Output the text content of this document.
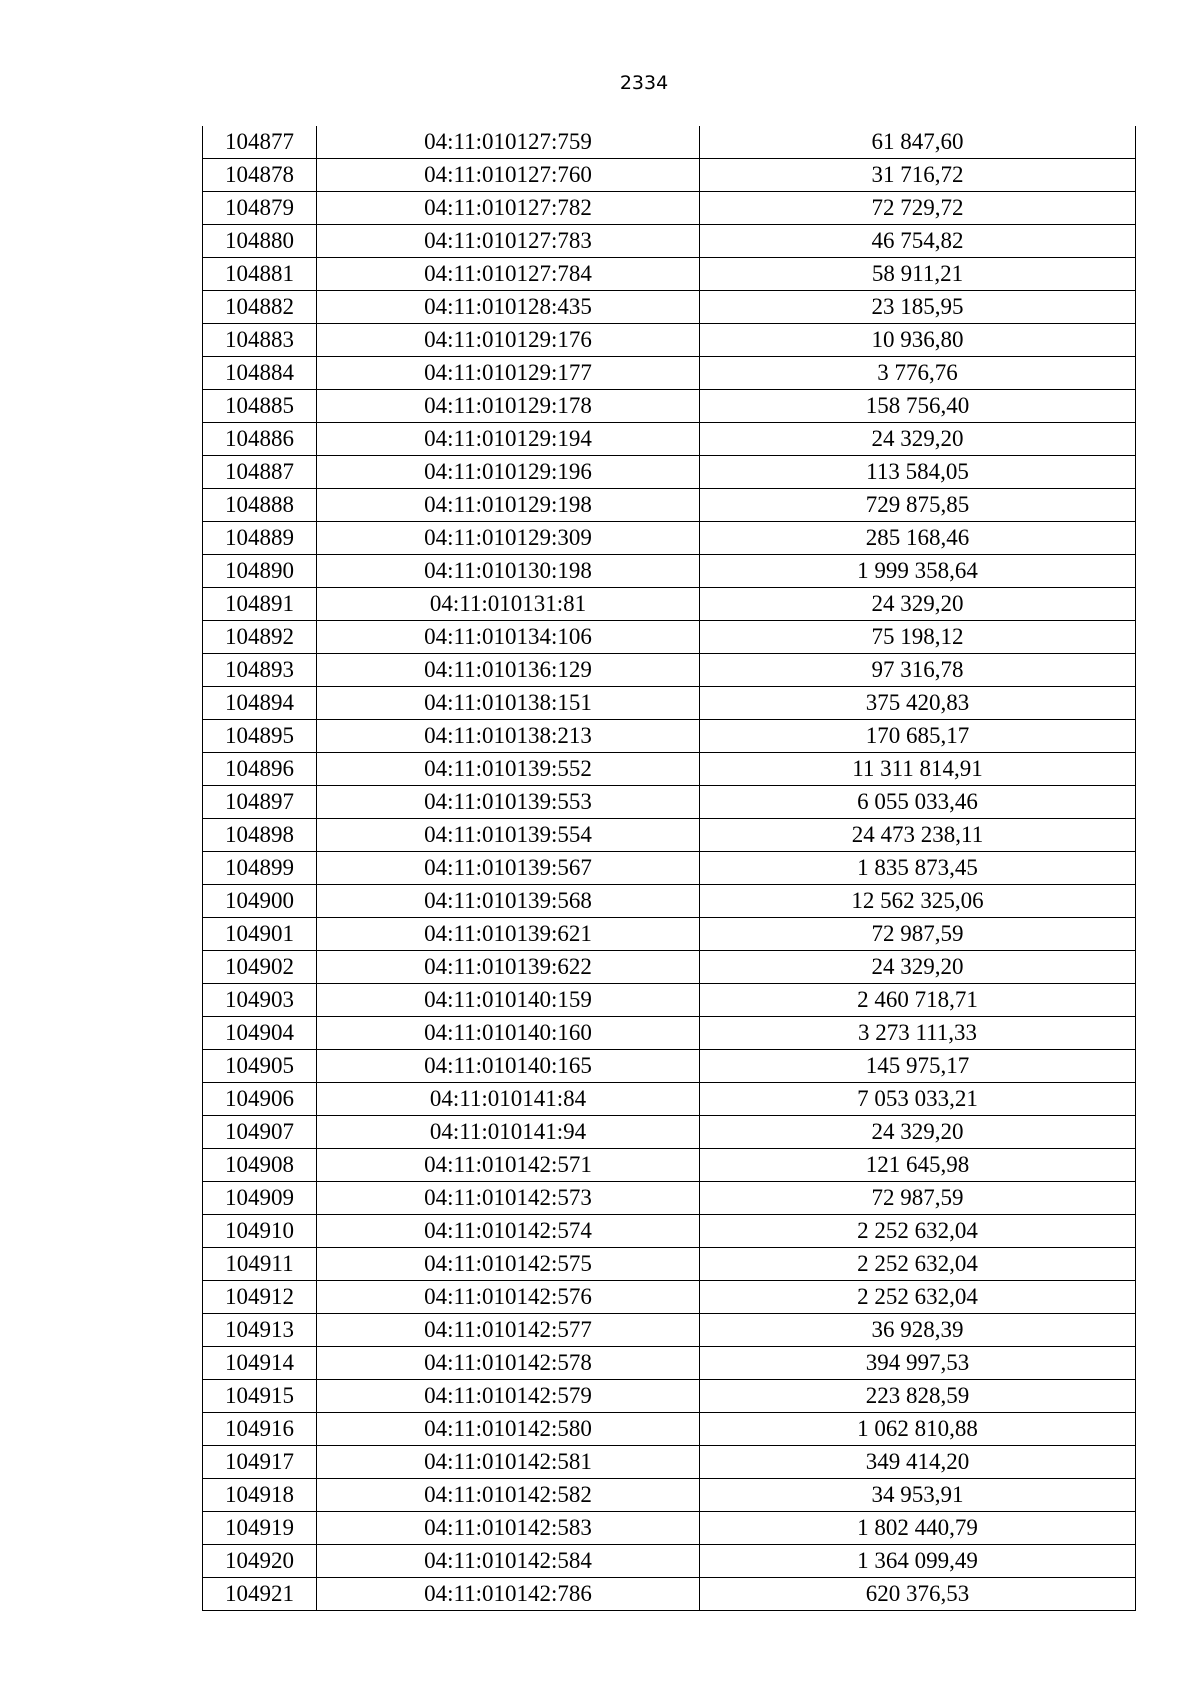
2334
104877	04:11:010127:759	61 847,60
104878	04:11:010127:760	31 716,72
104879	04:11:010127:782	72 729,72
104880	04:11:010127:783	46 754,82
104881	04:11:010127:784	58 911,21
104882	04:11:010128:435	23 185,95
104883	04:11:010129:176	10 936,80
104884	04:11:010129:177	3 776,76
104885	04:11:010129:178	158 756,40
104886	04:11:010129:194	24 329,20
104887	04:11:010129:196	113 584,05
104888	04:11:010129:198	729 875,85
104889	04:11:010129:309	285 168,46
104890	04:11:010130:198	1 999 358,64
104891	04:11:010131:81	24 329,20
104892	04:11:010134:106	75 198,12
104893	04:11:010136:129	97 316,78
104894	04:11:010138:151	375 420,83
104895	04:11:010138:213	170 685,17
104896	04:11:010139:552	11 311 814,91
104897	04:11:010139:553	6 055 033,46
104898	04:11:010139:554	24 473 238,11
104899	04:11:010139:567	1 835 873,45
104900	04:11:010139:568	12 562 325,06
104901	04:11:010139:621	72 987,59
104902	04:11:010139:622	24 329,20
104903	04:11:010140:159	2 460 718,71
104904	04:11:010140:160	3 273 111,33
104905	04:11:010140:165	145 975,17
104906	04:11:010141:84	7 053 033,21
104907	04:11:010141:94	24 329,20
104908	04:11:010142:571	121 645,98
104909	04:11:010142:573	72 987,59
104910	04:11:010142:574	2 252 632,04
104911	04:11:010142:575	2 252 632,04
104912	04:11:010142:576	2 252 632,04
104913	04:11:010142:577	36 928,39
104914	04:11:010142:578	394 997,53
104915	04:11:010142:579	223 828,59
104916	04:11:010142:580	1 062 810,88
104917	04:11:010142:581	349 414,20
104918	04:11:010142:582	34 953,91
104919	04:11:010142:583	1 802 440,79
104920	04:11:010142:584	1 364 099,49
104921	04:11:010142:786	620 376,53
